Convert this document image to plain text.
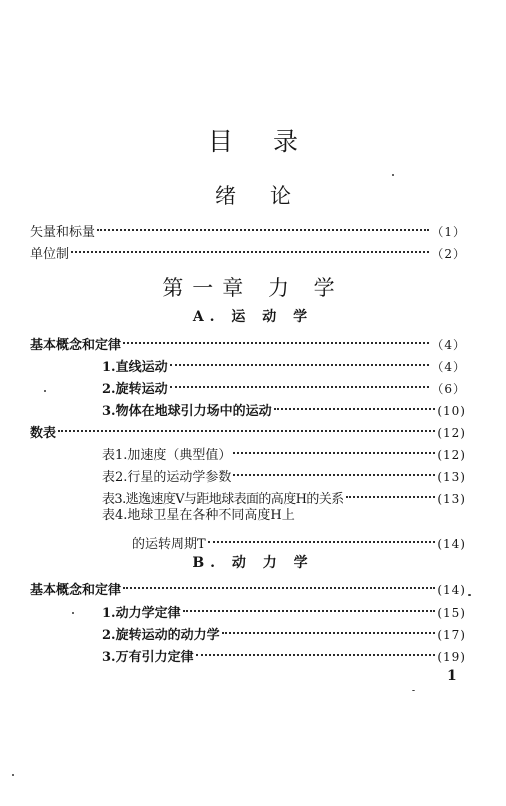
目录
绪论
矢量和标量	（1）
单位制	（2）
第一章 力 学
A. 运 动 学
基本概念和定律	（4）
1.直线运动	（4）
2.旋转运动	（6）
3.物体在地球引力场中的运动	(10)
数表	(12)
表1.加速度（典型值）	(12)
表2.行星的运动学参数	(13)
表3.逃逸速度V与距地球表面的高度H的关系	(13)
表4.地球卫星在各种不同高度H上
的运转周期T	(14)
B. 动 力 学
基本概念和定律	(14)
1.动力学定律	(15)
2.旋转运动的动力学	(17)
3.万有引力定律	(19)
1
